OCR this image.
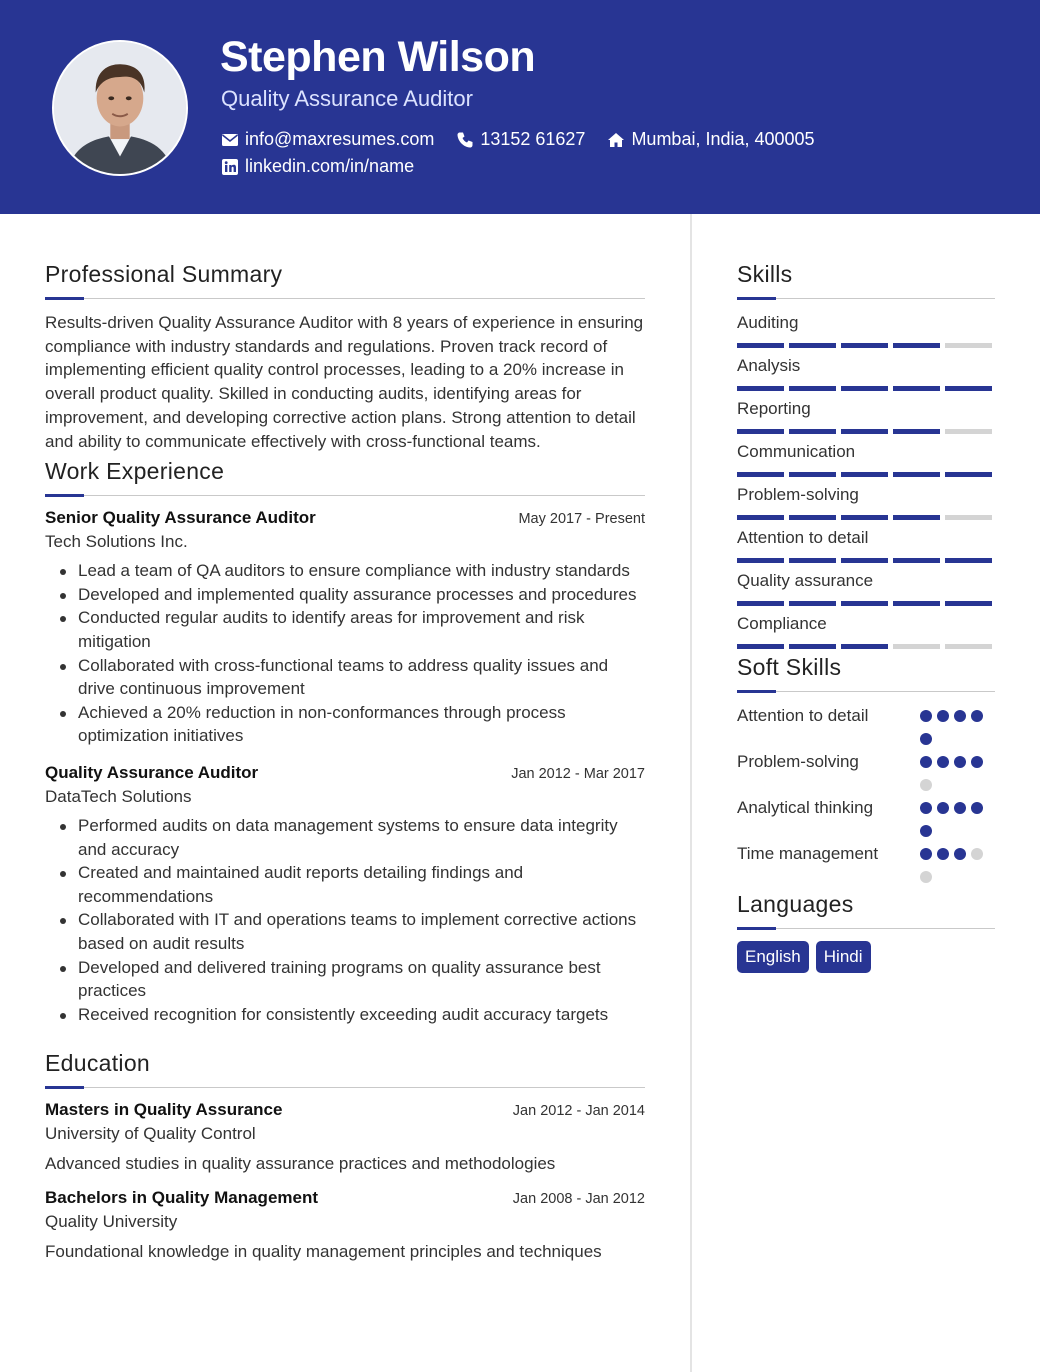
Stephen Wilson
Quality Assurance Auditor
info@maxresumes.com	13152 61627	Mumbai, India, 400005
linkedin.com/in/name
Professional Summary
Results-driven Quality Assurance Auditor with 8 years of experience in ensuring compliance with industry standards and regulations. Proven track record of implementing efficient quality control processes, leading to a 20% increase in overall product quality. Skilled in conducting audits, identifying areas for improvement, and developing corrective action plans. Strong attention to detail and ability to communicate effectively with cross-functional teams.
Work Experience
Senior Quality Assurance Auditor	May 2017 - Present
Tech Solutions Inc.
Lead a team of QA auditors to ensure compliance with industry standards
Developed and implemented quality assurance processes and procedures
Conducted regular audits to identify areas for improvement and risk mitigation
Collaborated with cross-functional teams to address quality issues and drive continuous improvement
Achieved a 20% reduction in non-conformances through process optimization initiatives
Quality Assurance Auditor	Jan 2012 - Mar 2017
DataTech Solutions
Performed audits on data management systems to ensure data integrity and accuracy
Created and maintained audit reports detailing findings and recommendations
Collaborated with IT and operations teams to implement corrective actions based on audit results
Developed and delivered training programs on quality assurance best practices
Received recognition for consistently exceeding audit accuracy targets
Education
Masters in Quality Assurance	Jan 2012 - Jan 2014
University of Quality Control
Advanced studies in quality assurance practices and methodologies
Bachelors in Quality Management	Jan 2008 - Jan 2012
Quality University
Foundational knowledge in quality management principles and techniques
Skills
Auditing
Analysis
Reporting
Communication
Problem-solving
Attention to detail
Quality assurance
Compliance
Soft Skills
Attention to detail
Problem-solving
Analytical thinking
Time management
Languages
English	Hindi
